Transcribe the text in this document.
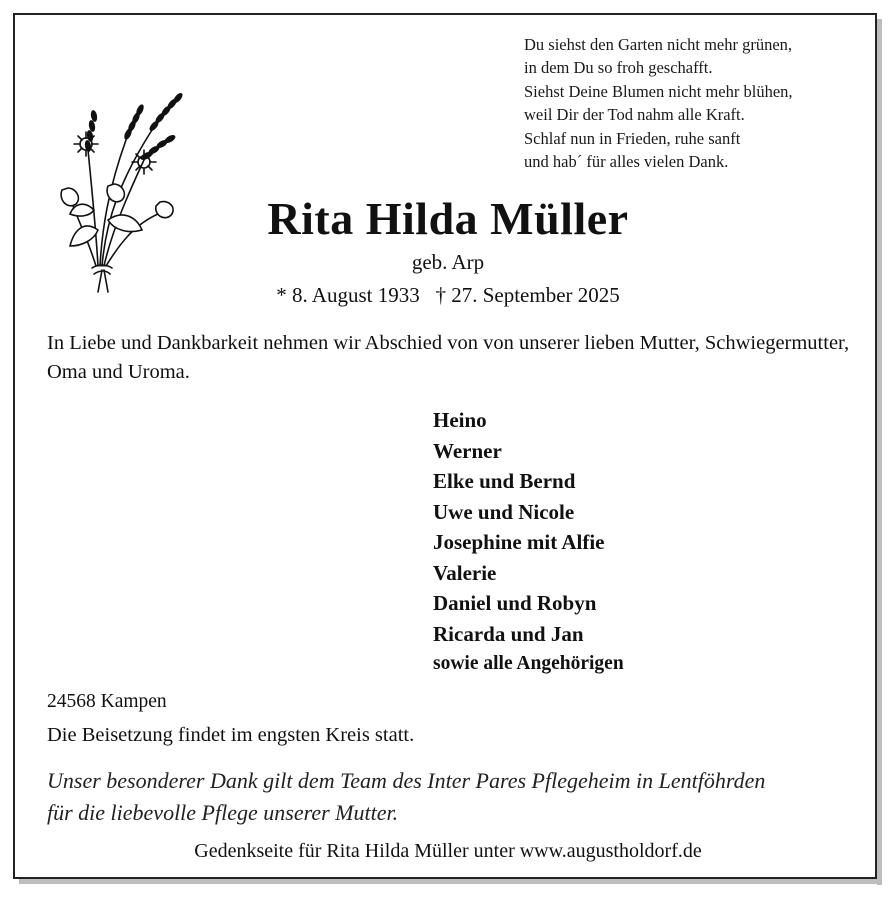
Du siehst den Garten nicht mehr grünen,
in dem Du so froh geschafft.
Siehst Deine Blumen nicht mehr blühen,
weil Dir der Tod nahm alle Kraft.
Schlaf nun in Frieden, ruhe sanft
und hab´ für alles vielen Dank.
Rita Hilda Müller
geb. Arp
* 8. August 1933   † 27. September 2025
In Liebe und Dankbarkeit nehmen wir Abschied von von unserer lieben Mutter, Schwiegermutter, Oma und Uroma.
Heino
Werner
Elke und Bernd
Uwe und Nicole
Josephine mit Alfie
Valerie
Daniel und Robyn
Ricarda und Jan
sowie alle Angehörigen
24568 Kampen
Die Beisetzung findet im engsten Kreis statt.
Unser besonderer Dank gilt dem Team des Inter Pares Pflegeheim in Lentföhrden
für die liebevolle Pflege unserer Mutter.
Gedenkseite für Rita Hilda Müller unter www.augustholdorf.de
